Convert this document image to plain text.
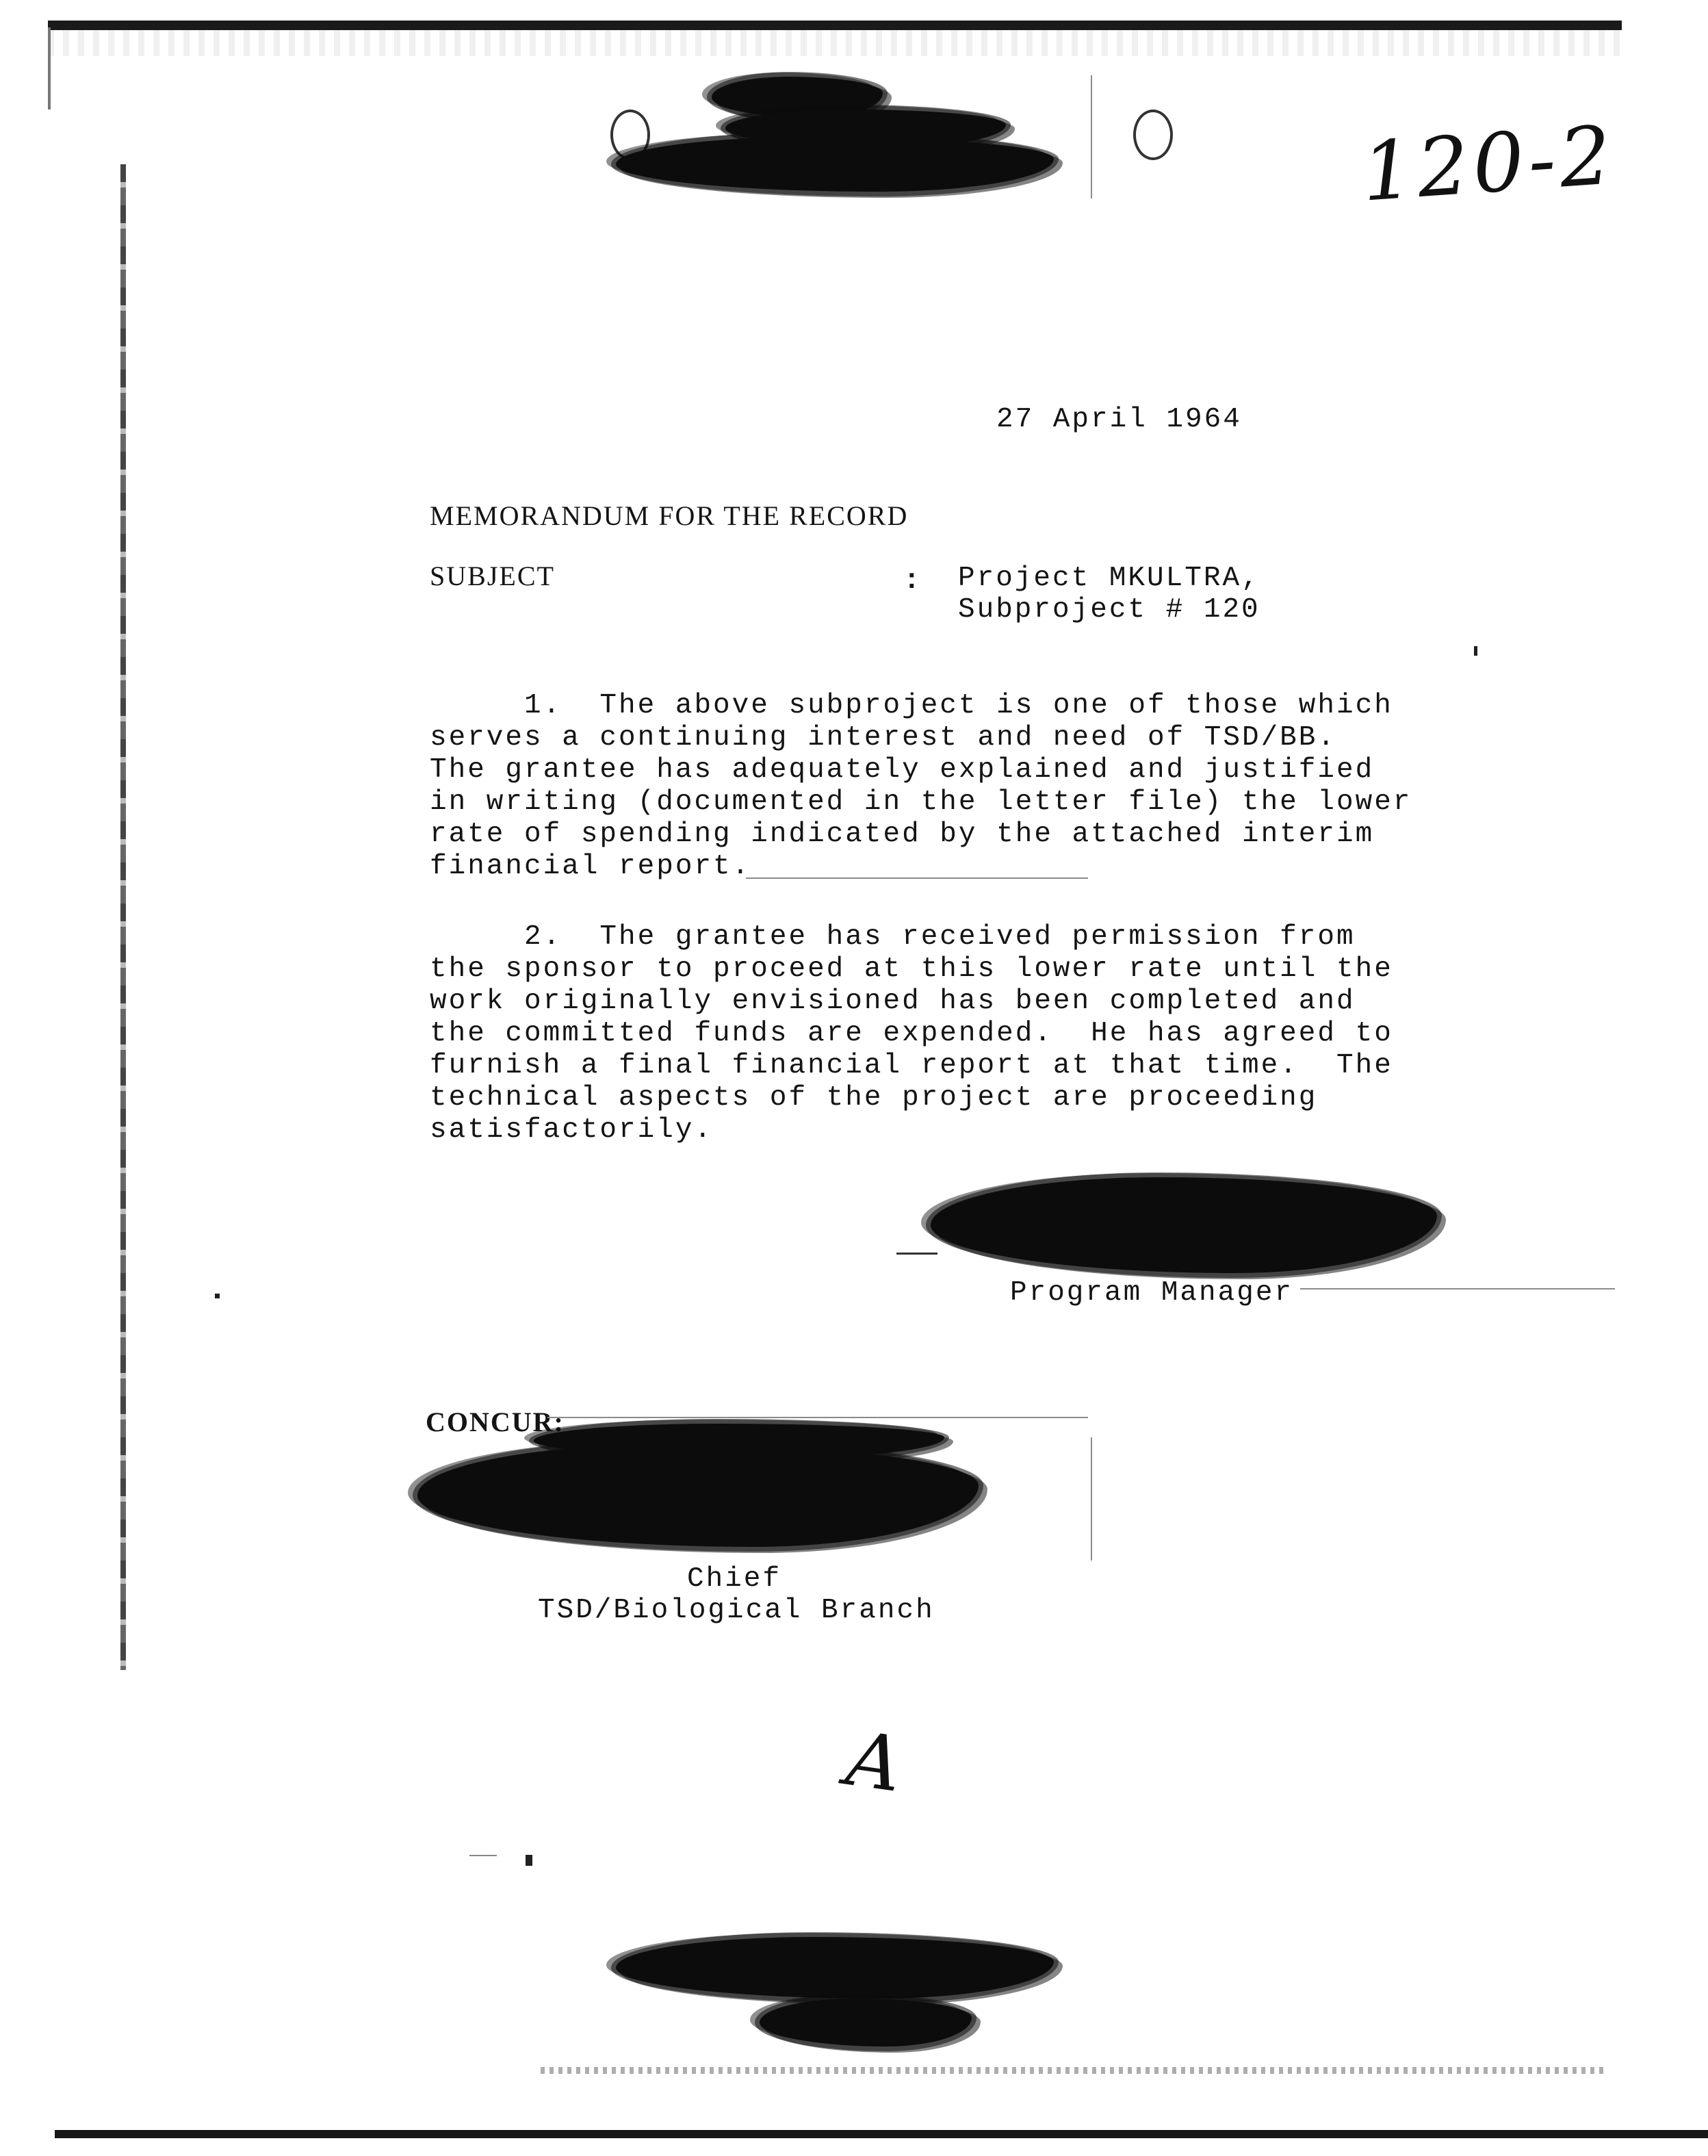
120-2
27 April 1964
MEMORANDUM FOR THE RECORD
SUBJECT	: Project MKULTRA,
Subproject # 120
1.  The above subproject is one of those which
serves a continuing interest and need of TSD/BB.
The grantee has adequately explained and justified
in writing (documented in the letter file) the lower
rate of spending indicated by the attached interim
financial report.
2.  The grantee has received permission from
the sponsor to proceed at this lower rate until the
work originally envisioned has been completed and
the committed funds are expended.  He has agreed to
furnish a final financial report at that time.  The
technical aspects of the project are proceeding
satisfactorily.
Program Manager
CONCUR:
Chief
TSD/Biological Branch
A
